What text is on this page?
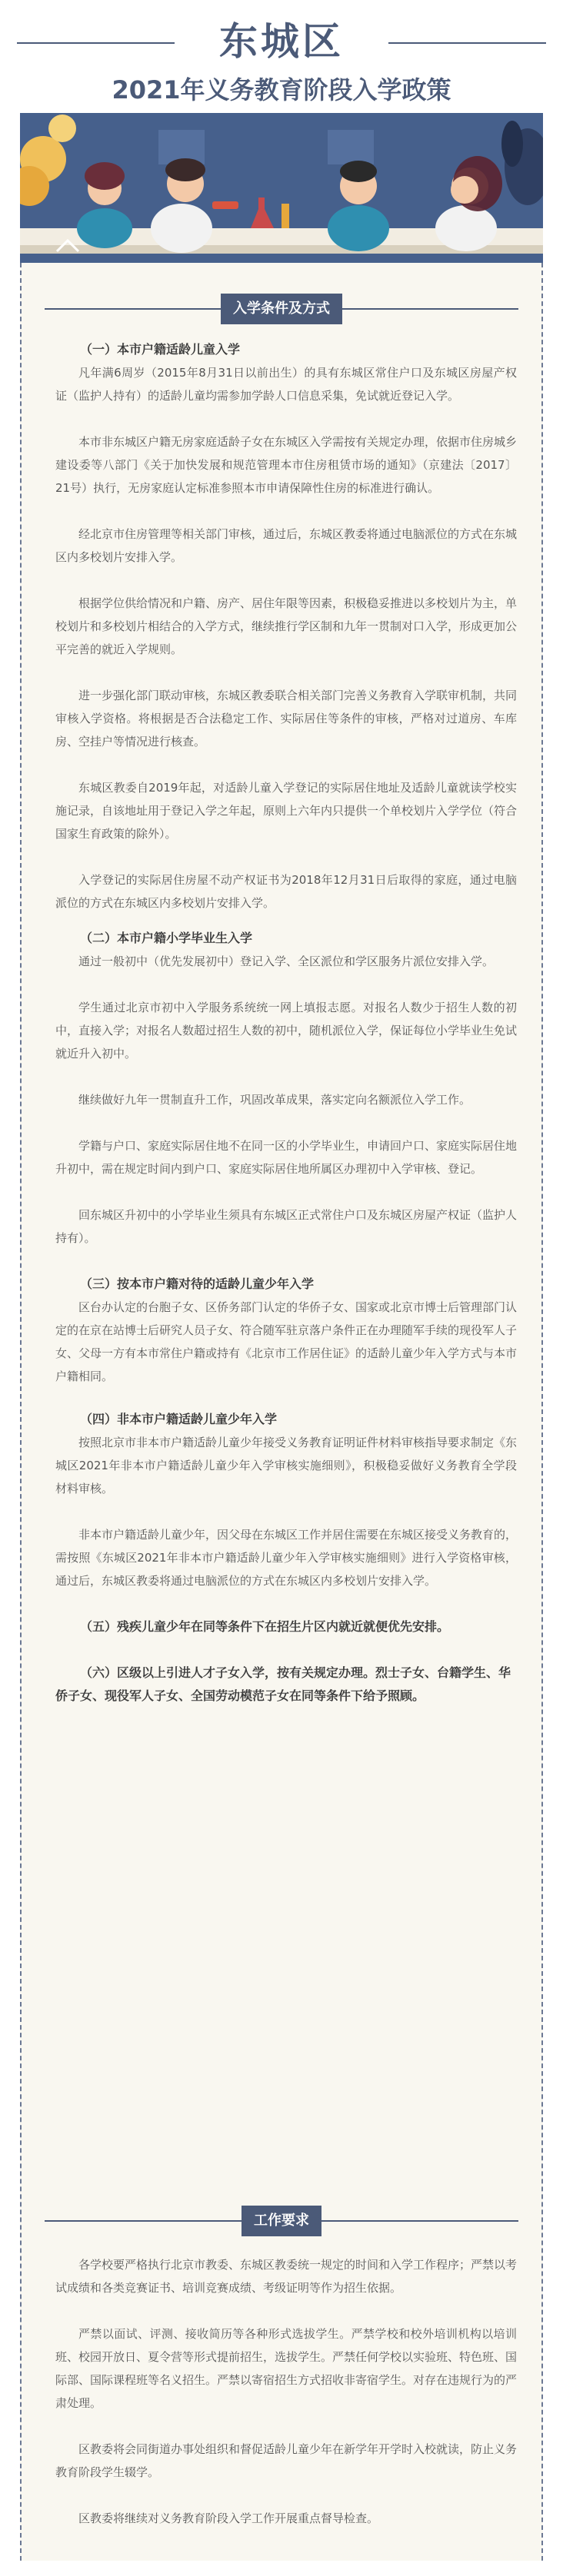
东城区
2021年义务教育阶段入学政策
入学条件及方式
（一）本市户籍适龄儿童入学
凡年满6周岁（2015年8月31日以前出生）的具有东城区常住户口及东城区房屋产权证（监护人持有）的适龄儿童均需参加学龄人口信息采集，免试就近登记入学。
本市非东城区户籍无房家庭适龄子女在东城区入学需按有关规定办理，依据市住房城乡建设委等八部门《关于加快发展和规范管理本市住房租赁市场的通知》（京建法〔2017〕21号）执行，无房家庭认定标准参照本市申请保障性住房的标准进行确认。
经北京市住房管理等相关部门审核，通过后，东城区教委将通过电脑派位的方式在东城区内多校划片安排入学。
根据学位供给情况和户籍、房产、居住年限等因素，积极稳妥推进以多校划片为主，单校划片和多校划片相结合的入学方式，继续推行学区制和九年一贯制对口入学，形成更加公平完善的就近入学规则。
进一步强化部门联动审核，东城区教委联合相关部门完善义务教育入学联审机制，共同审核入学资格。将根据是否合法稳定工作、实际居住等条件的审核，严格对过道房、车库房、空挂户等情况进行核查。
东城区教委自2019年起，对适龄儿童入学登记的实际居住地址及适龄儿童就读学校实施记录，自该地址用于登记入学之年起，原则上六年内只提供一个单校划片入学学位（符合国家生育政策的除外）。
入学登记的实际居住房屋不动产权证书为2018年12月31日后取得的家庭，通过电脑派位的方式在东城区内多校划片安排入学。
（二）本市户籍小学毕业生入学
通过一般初中（优先发展初中）登记入学、全区派位和学区服务片派位安排入学。
学生通过北京市初中入学服务系统统一网上填报志愿。对报名人数少于招生人数的初中，直接入学；对报名人数超过招生人数的初中，随机派位入学，保证每位小学毕业生免试就近升入初中。
继续做好九年一贯制直升工作，巩固改革成果，落实定向名额派位入学工作。
学籍与户口、家庭实际居住地不在同一区的小学毕业生，申请回户口、家庭实际居住地升初中，需在规定时间内到户口、家庭实际居住地所属区办理初中入学审核、登记。
回东城区升初中的小学毕业生须具有东城区正式常住户口及东城区房屋产权证（监护人持有）。
（三）按本市户籍对待的适龄儿童少年入学
区台办认定的台胞子女、区侨务部门认定的华侨子女、国家或北京市博士后管理部门认定的在京在站博士后研究人员子女、符合随军驻京落户条件正在办理随军手续的现役军人子女、父母一方有本市常住户籍或持有《北京市工作居住证》的适龄儿童少年入学方式与本市户籍相同。
（四）非本市户籍适龄儿童少年入学
按照北京市非本市户籍适龄儿童少年接受义务教育证明证件材料审核指导要求制定《东城区2021年非本市户籍适龄儿童少年入学审核实施细则》，积极稳妥做好义务教育全学段材料审核。
非本市户籍适龄儿童少年，因父母在东城区工作并居住需要在东城区接受义务教育的，需按照《东城区2021年非本市户籍适龄儿童少年入学审核实施细则》进行入学资格审核，通过后，东城区教委将通过电脑派位的方式在东城区内多校划片安排入学。
（五）残疾儿童少年在同等条件下在招生片区内就近就便优先安排。
（六）区级以上引进人才子女入学，按有关规定办理。烈士子女、台籍学生、华侨子女、现役军人子女、全国劳动模范子女在同等条件下给予照顾。
工作要求
各学校要严格执行北京市教委、东城区教委统一规定的时间和入学工作程序；严禁以考试成绩和各类竞赛证书、培训竞赛成绩、考级证明等作为招生依据。
严禁以面试、评测、接收简历等各种形式选拔学生。严禁学校和校外培训机构以培训班、校园开放日、夏令营等形式提前招生，选拔学生。严禁任何学校以实验班、特色班、国际部、国际课程班等名义招生。严禁以寄宿招生方式招收非寄宿学生。对存在违规行为的严肃处理。
区教委将会同街道办事处组织和督促适龄儿童少年在新学年开学时入校就读，防止义务教育阶段学生辍学。
区教委将继续对义务教育阶段入学工作开展重点督导检查。
